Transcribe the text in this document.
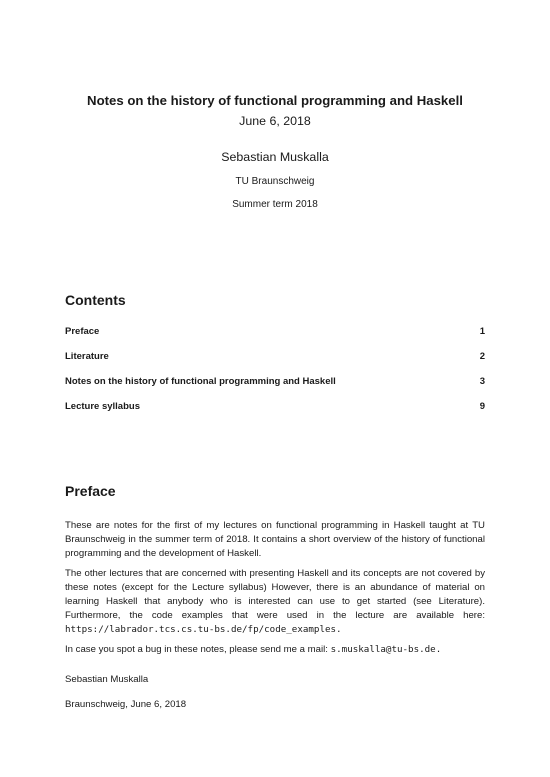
Notes on the history of functional programming and Haskell

June 6, 2018

Sebastian Muskalla

TU Braunschweig

Summer term 2018

Contents
Preface	1
Literature	2
Notes on the history of functional programming and Haskell	3
Lecture syllabus	9
Preface

These are notes for the first of my lectures on functional programming in Haskell taught at TU Braunschweig in the summer term of 2018. It contains a short overview of the history of functional programming and the development of Haskell.

The other lectures that are concerned with presenting Haskell and its concepts are not covered by these notes (except for the Lecture syllabus) However, there is an abundance of material on learning Haskell that anybody who is interested can use to get started (see Literature). Furthermore, the code examples that were used in the lecture are available here: https://labrador.tcs.cs.tu-bs.de/fp/code_examples.

In case you spot a bug in these notes, please send me a mail: s.muskalla@tu-bs.de.

Sebastian Muskalla

Braunschweig, June 6, 2018
